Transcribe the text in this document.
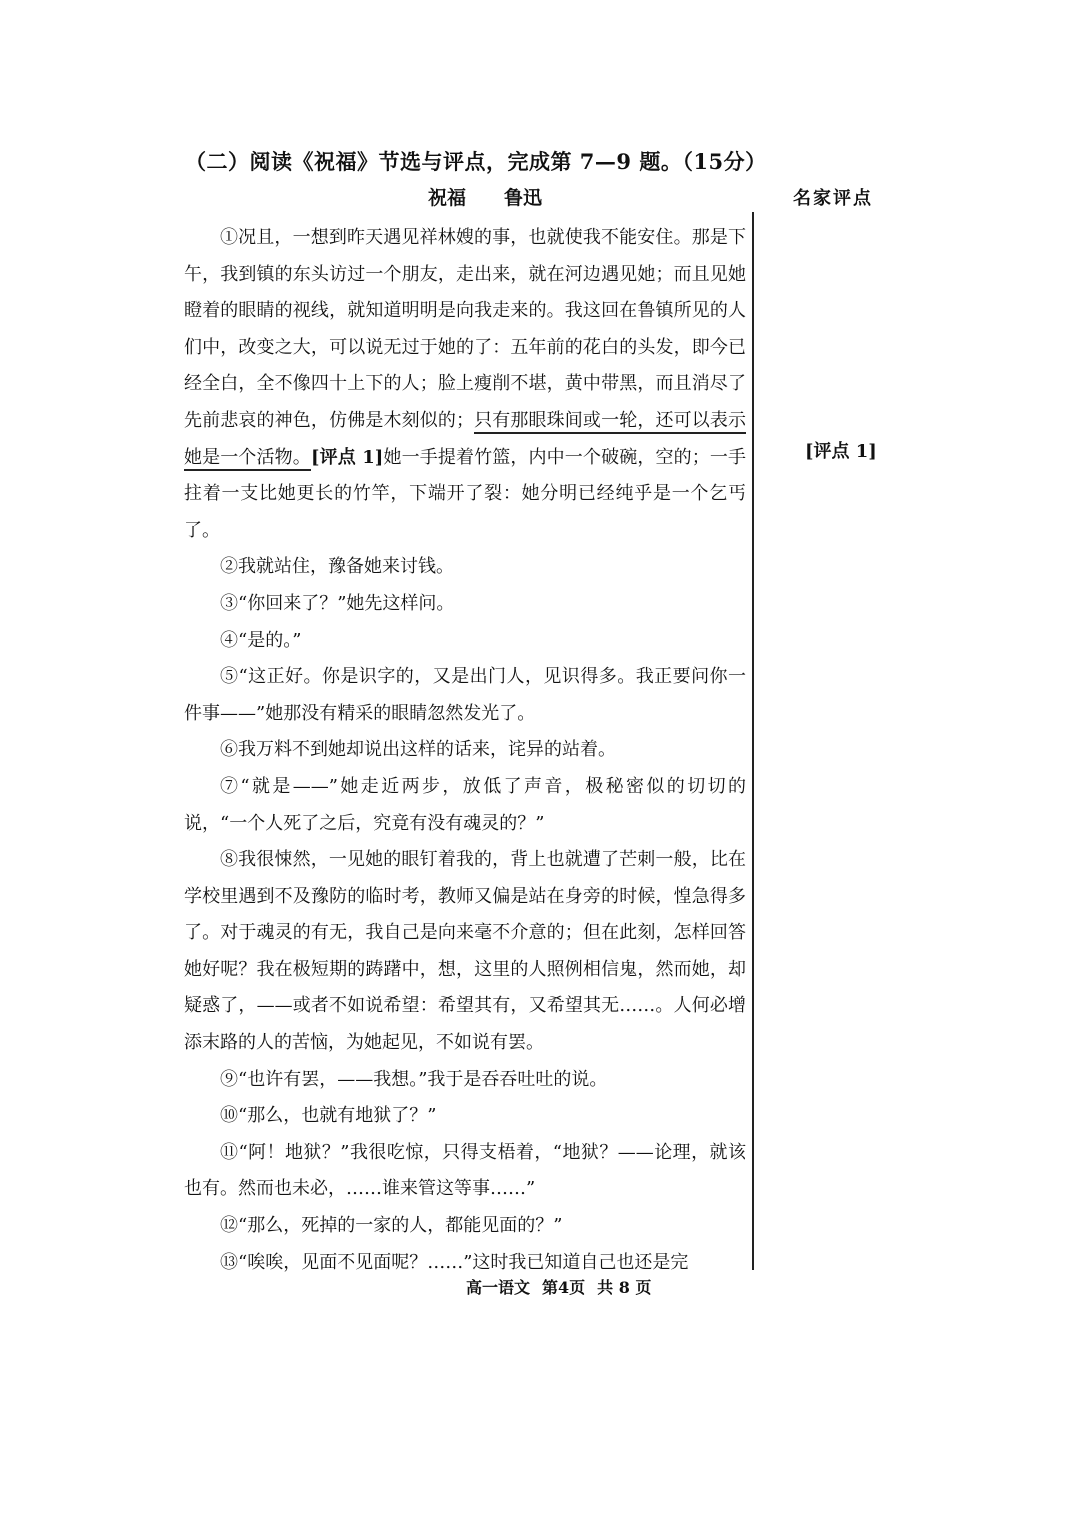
（二）阅读《祝福》节选与评点，完成第 7—9 题。（15分）
祝福 鲁迅	名家评点

①况且，一想到昨天遇见祥林嫂的事，也就使我不能安住。那是下午，我到镇的东头访过一个朋友，走出来，就在河边遇见她；而且见她瞪着的眼睛的视线，就知道明明是向我走来的。我这回在鲁镇所见的人们中，改变之大，可以说无过于她的了：五年前的花白的头发，即今已经全白，全不像四十上下的人；脸上瘦削不堪，黄中带黑，而且消尽了先前悲哀的神色，仿佛是木刻似的；只有那眼珠间或一轮，还可以表示她是一个活物。[评点 1]她一手提着竹篮，内中一个破碗，空的；一手拄着一支比她更长的竹竿，下端开了裂：她分明已经纯乎是一个乞丐了。

②我就站住，豫备她来讨钱。

③“你回来了？”她先这样问。

④“是的。”

⑤“这正好。你是识字的，又是出门人，见识得多。我正要问你一件事——”她那没有精采的眼睛忽然发光了。

⑥我万料不到她却说出这样的话来，诧异的站着。

⑦“就是——”她走近两步，放低了声音，极秘密似的切切的说，“一个人死了之后，究竟有没有魂灵的？”

⑧我很悚然，一见她的眼钉着我的，背上也就遭了芒刺一般，比在学校里遇到不及豫防的临时考，教师又偏是站在身旁的时候，惶急得多了。对于魂灵的有无，我自己是向来毫不介意的；但在此刻，怎样回答她好呢？我在极短期的踌躇中，想，这里的人照例相信鬼，然而她，却疑惑了，——或者不如说希望：希望其有，又希望其无……。人何必增添末路的人的苦恼，为她起见，不如说有罢。

⑨“也许有罢，——我想。”我于是吞吞吐吐的说。

⑩“那么，也就有地狱了？”

⑪“阿！地狱？”我很吃惊，只得支梧着，“地狱？——论理，就该也有。然而也未必，……谁来管这等事……”

⑫“那么，死掉的一家的人，都能见面的？”

⑬“唉唉，见面不见面呢？……”这时我已知道自己也还是完

[评点 1]
高一语文 第4页 共 8 页
